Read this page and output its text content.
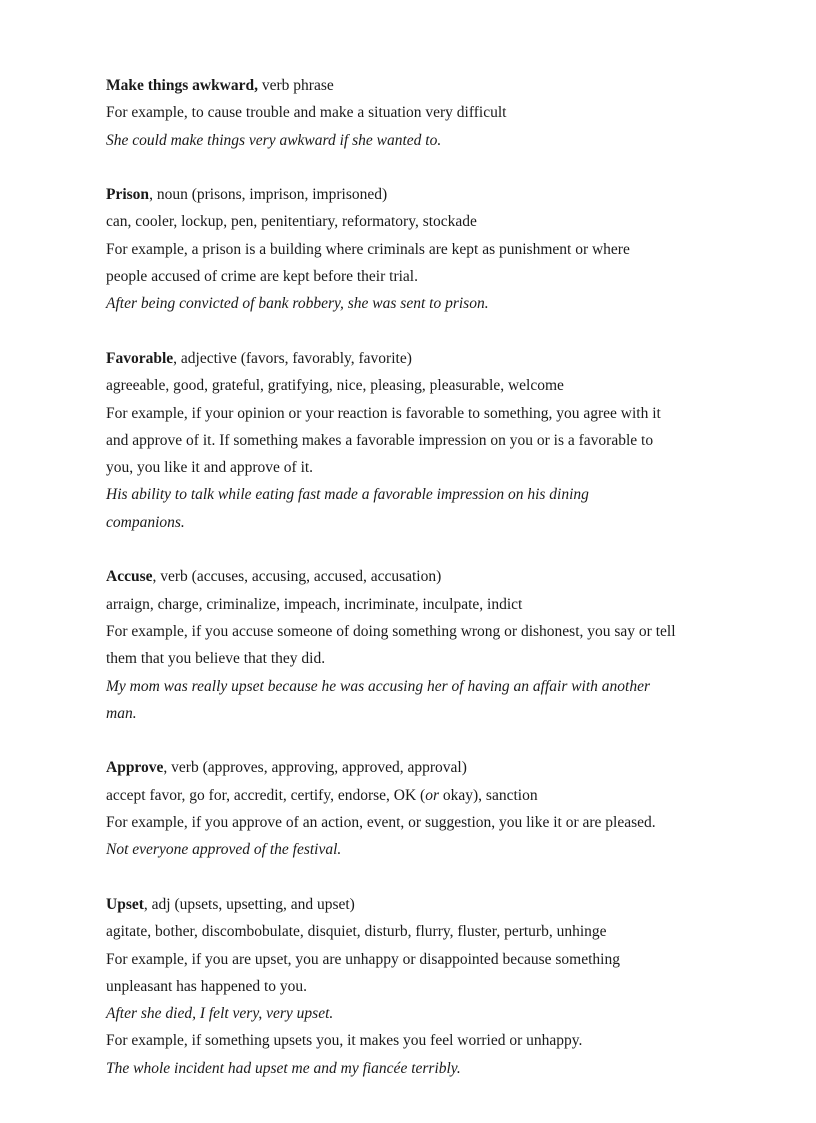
Make things awkward, verb phrase
For example, to cause trouble and make a situation very difficult
She could make things very awkward if she wanted to.
Prison, noun (prisons, imprison, imprisoned)
can, cooler, lockup, pen, penitentiary, reformatory, stockade
For example, a prison is a building where criminals are kept as punishment or where
people accused of crime are kept before their trial.
After being convicted of bank robbery, she was sent to prison.
Favorable, adjective (favors, favorably, favorite)
agreeable, good, grateful, gratifying, nice, pleasing, pleasurable, welcome
For example, if your opinion or your reaction is favorable to something, you agree with it
and approve of it. If something makes a favorable impression on you or is a favorable to
you, you like it and approve of it.
His ability to talk while eating fast made a favorable impression on his dining
companions.
Accuse, verb (accuses, accusing, accused, accusation)
arraign, charge, criminalize, impeach, incriminate, inculpate, indict
For example, if you accuse someone of doing something wrong or dishonest, you say or tell
them that you believe that they did.
My mom was really upset because he was accusing her of having an affair with another
man.
Approve, verb (approves, approving, approved, approval)
accept favor, go for, accredit, certify, endorse, OK (or okay), sanction
For example, if you approve of an action, event, or suggestion, you like it or are pleased.
Not everyone approved of the festival.
Upset, adj (upsets, upsetting, and upset)
agitate, bother, discombobulate, disquiet, disturb, flurry, fluster, perturb, unhinge
For example, if you are upset, you are unhappy or disappointed because something
unpleasant has happened to you.
After she died, I felt very, very upset.
For example, if something upsets you, it makes you feel worried or unhappy.
The whole incident had upset me and my fiancée terribly.
